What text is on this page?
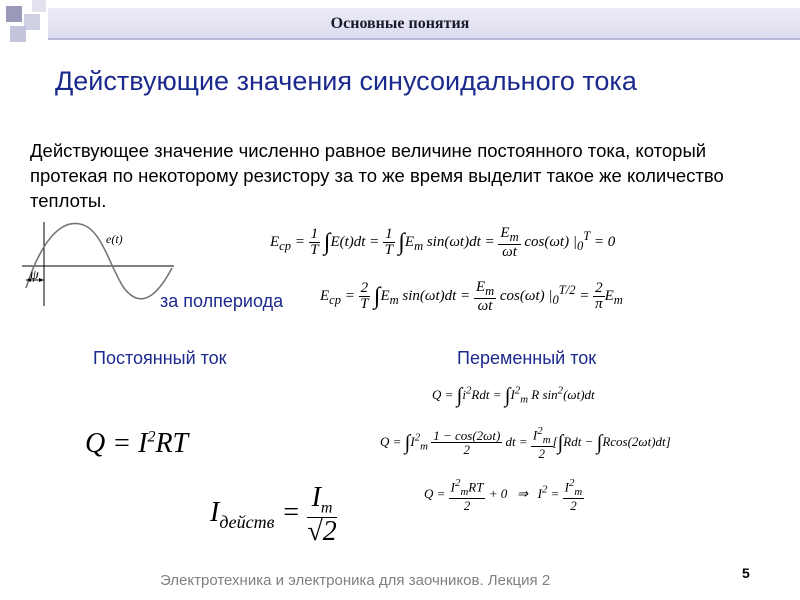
Основные понятия
Действующие значения синусоидального тока
Действующее значение численно равное величине постоянного тока, который протекая по некоторому резистору за то же время выделит такое же количество теплоты.
e(t)
ψ
$E_{ср} = \frac{1}{T} \int E(t)dt = \frac{1}{T} \int E_m$ $\sin(\omega t)dt = \frac{E_m}{\omega t} \cos(\omega t) |_0^T = 0$
за полпериода $E_{ср} = \frac{2}{T} \int E_m$ $\sin(\omega t)dt = \frac{E_m}{\omega t} \cos(\omega t) |_0^{T/2} = \frac{2}{\pi} E_m$
Постоянный ток	Переменный ток
$Q = \int i^2Rdt = \int I^2_m$ R $\sin^2(\omega t)dt$
$Q = \int I^2_m \frac{1 - \cos(2\omega t)}{2}$ dt = $\frac{I^2_m}{2} [\int Rdt - \int Rcos(2\omega t)dt]$
$Q = \frac{I^2_mRT}{2} + 0$   ⇒   $I^2 = \frac{I^2_m}{2}$
$Q = I^2RT$
$I_{действ} = \frac{I_m}{√2}$
Электротехника и электроника для заочников. Лекция 2	5
